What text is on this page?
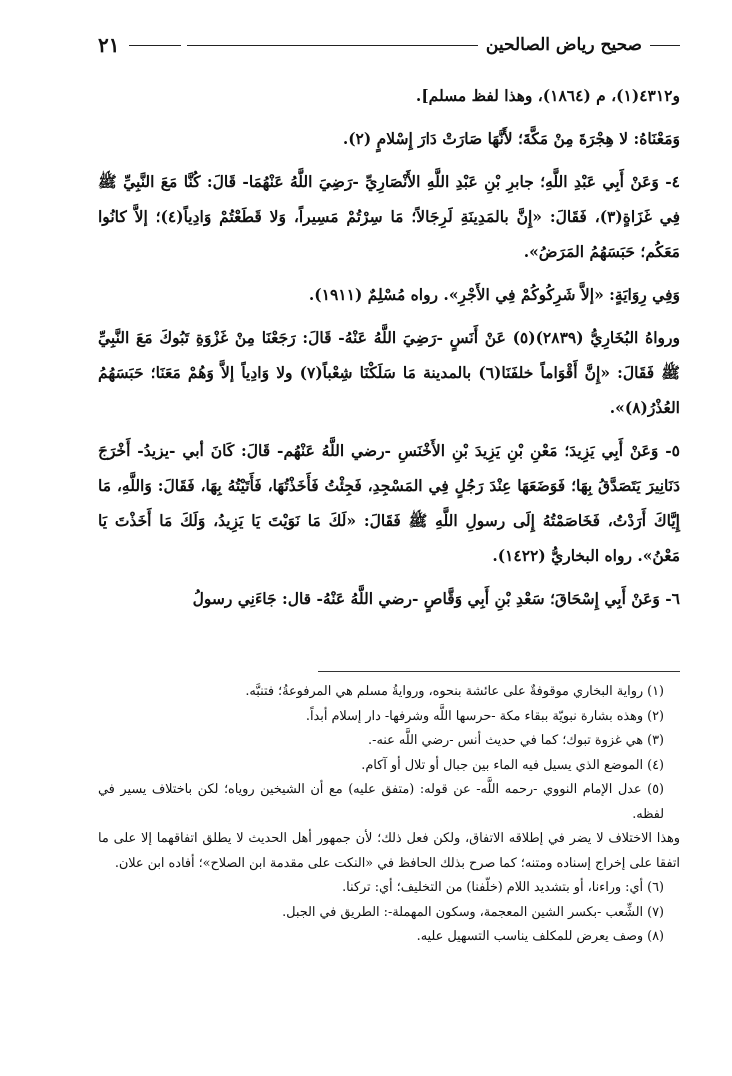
٢١	صحيح رياض الصالحين

و٤٣١٢(١)، م (١٨٦٤)، وهذا لفظ مسلم].

وَمَعْنَاهُ: لا هِجْرَةَ مِنْ مَكَّةَ؛ لأَنَّهَا صَارَتْ دَارَ إِسْلامٍ (٢).

٤- وَعَنْ أَبِي عَبْدِ اللَّهِ؛ جابرِ بْنِ عَبْدِ اللَّهِ الأَنْصَارِيِّ -رَضِيَ اللَّهُ عَنْهُمَا- قَالَ: كُنَّا مَعَ النَّبِيِّ ﷺ فِي غَزَاةٍ(٣)، فَقَالَ: «إِنَّ بالمَدِينَةِ لَرِجَالاً؛ مَا سِرْتُمْ مَسِيراً، وَلا قَطَعْتُمْ وَادِياً(٤)؛ إلاَّ كانُوا مَعَكُم؛ حَبَسَهُمُ المَرَضُ».

وَفِي رِوَايَةٍ: «إلاَّ شَرِكُوكُمْ فِي الأَجْرِ». رواه مُسْلِمٌ (١٩١١).

ورواهُ البُخَارِيُّ (٢٨٣٩)(٥) عَنْ أَنَسٍ -رَضِيَ اللَّهُ عَنْهُ- قَالَ: رَجَعْنَا مِنْ غَزْوَةِ تَبُوكَ مَعَ النَّبِيِّ ﷺ فَقَالَ: «إِنَّ أَقْوَاماً خلفَنَا(٦) بالمدينة مَا سَلَكْنَا شِعْباً(٧) ولا وَادِياً إلاَّ وَهُمْ مَعَنَا؛ حَبَسَهُمُ العُذْرُ(٨)».

٥- وَعَنْ أَبِي يَزِيدَ؛ مَعْنِ بْنِ يَزِيدَ بْنِ الأَخْنَسِ -رضي اللَّهُ عَنْهُم- قَالَ: كَانَ أبي -يزيدُ- أَخْرَجَ دَنَانِيرَ يَتَصَدَّقُ بِهَا؛ فَوَضَعَهَا عِنْدَ رَجُلٍ فِي المَسْجِدِ، فَجِئْتُ فَأَخَذْتُهَا، فَأَتَيْتُهُ بِهَا، فَقَالَ: وَاللَّهِ، مَا إِيَّاكَ أَرَدْتُ، فَخَاصَمْتُهُ إِلَى رسولِ اللَّهِ ﷺ فَقَالَ: «لَكَ مَا نَوَيْتَ يَا يَزِيدُ، وَلَكَ مَا أَخَذْتَ يَا مَعْنُ». رواه البخاريُّ (١٤٢٢).

٦- وَعَنْ أَبِي إِسْحَاقَ؛ سَعْدِ بْنِ أَبِي وَقَّاصٍ -رضي اللَّهُ عَنْهُ- قال: جَاءَنِي رسولُ

(١) رواية البخاري موقوفةٌ على عائشة بنحوه، وروايةُ مسلم هي المرفوعةُ؛ فتنبَّه.

(٢) وهذه بشارة نبويّة ببقاء مكة -حرسها اللَّه وشرفها- دار إسلام أبداً.

(٣) هي غزوة تبوك؛ كما في حديث أنس -رضي اللَّه عنه-.

(٤) الموضع الذي يسيل فيه الماء بين جبال أو تلال أو آكام.

(٥) عدل الإمام النووي -رحمه اللَّه- عن قوله: (متفق عليه) مع أن الشيخين روياه؛ لكن باختلاف يسير في لفظه.

وهذا الاختلاف لا يضر في إطلاقه الاتفاق، ولكن فعل ذلك؛ لأن جمهور أهل الحديث لا يطلق اتفاقهما إلا على ما اتفقا على إخراج إسناده ومتنه؛ كما صرح بذلك الحافظ في «النكت على مقدمة ابن الصلاح»؛ أفاده ابن علان.

(٦) أي: وراءنا، أو بتشديد اللام (خلّفنا) من التخليف؛ أي: تركنا.

(٧) الشِّعب -بكسر الشين المعجمة، وسكون المهملة-: الطريق في الجبل.

(٨) وصف يعرض للمكلف يناسب التسهيل عليه.
